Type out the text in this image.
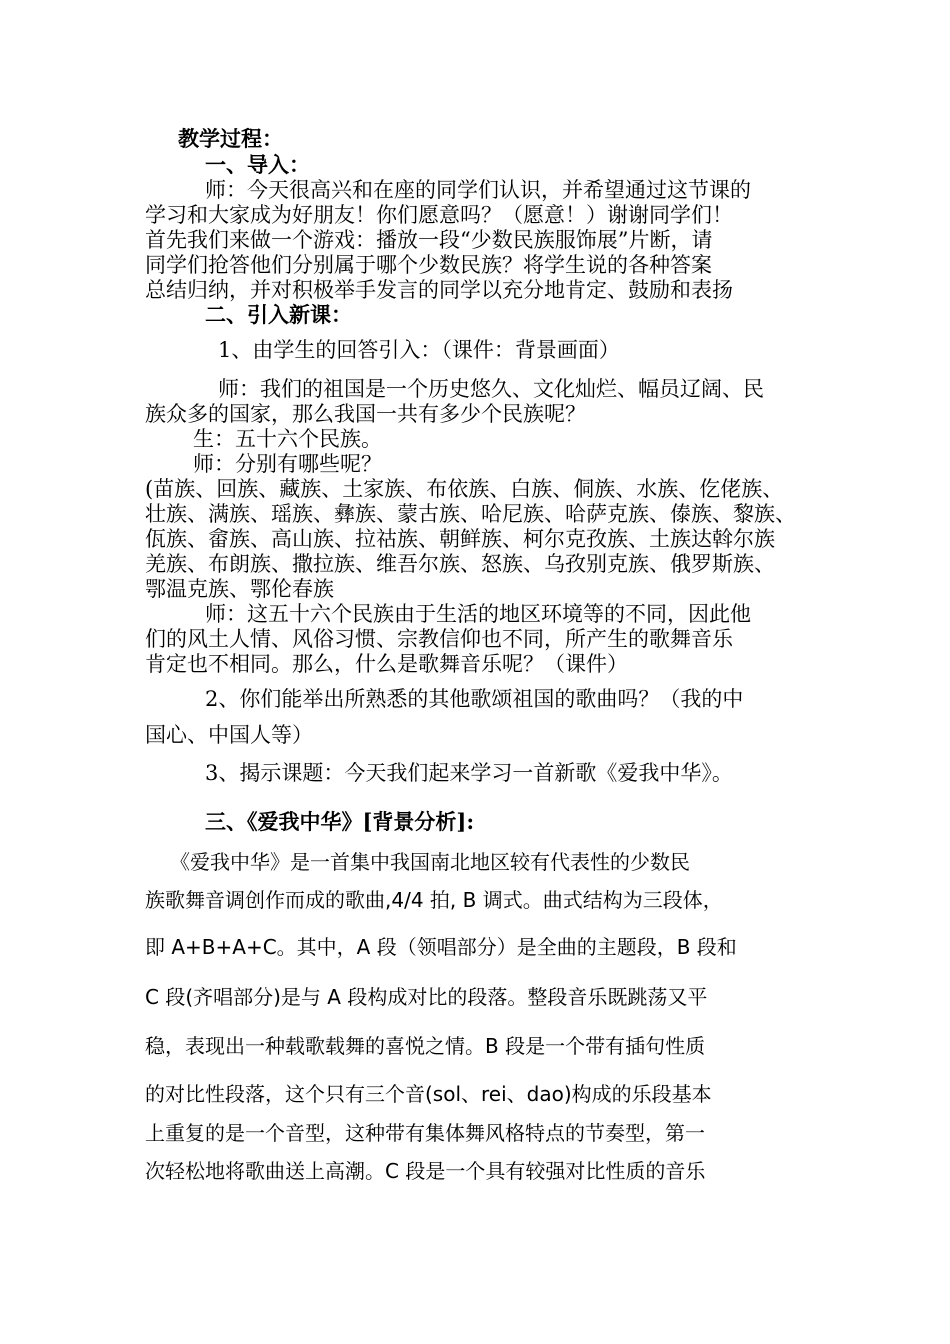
教学过程：

一、导入：

师：今天很高兴和在座的同学们认识，并希望通过这节课的

学习和大家成为好朋友！你们愿意吗？（愿意！）谢谢同学们！

首先我们来做一个游戏：播放一段“少数民族服饰展”片断，请

同学们抢答他们分别属于哪个少数民族？将学生说的各种答案

总结归纳，并对积极举手发言的同学以充分地肯定、鼓励和表扬

二、引入新课：

1、由学生的回答引入：（课件：背景画面）

师：我们的祖国是一个历史悠久、文化灿烂、幅员辽阔、民

族众多的国家，那么我国一共有多少个民族呢？

生：五十六个民族。

师：分别有哪些呢？

(苗族、回族、藏族、土家族、布依族、白族、侗族、水族、仡佬族、

壮族、满族、瑶族、彝族、蒙古族、哈尼族、哈萨克族、傣族、黎族、

佤族、畲族、高山族、拉祜族、朝鲜族、柯尔克孜族、土族达斡尔族

羌族、布朗族、撒拉族、维吾尔族、怒族、乌孜别克族、俄罗斯族、

鄂温克族、鄂伦春族

师：这五十六个民族由于生活的地区环境等的不同，因此他

们的风土人情、风俗习惯、宗教信仰也不同，所产生的歌舞音乐

肯定也不相同。那么，什么是歌舞音乐呢？（课件）

2、你们能举出所熟悉的其他歌颂祖国的歌曲吗？（我的中

国心、中国人等）

3、揭示课题：今天我们起来学习一首新歌《爱我中华》。

三、《爱我中华》[背景分析]:

《爱我中华》是一首集中我国南北地区较有代表性的少数民

族歌舞音调创作而成的歌曲,4/4 拍, B 调式。曲式结构为三段体，

即 A+B+A+C。其中，A 段（领唱部分）是全曲的主题段，B 段和

C 段(齐唱部分)是与 A 段构成对比的段落。整段音乐既跳荡又平

稳，表现出一种载歌载舞的喜悦之情。B 段是一个带有插句性质

的对比性段落，这个只有三个音(sol、rei、dao)构成的乐段基本

上重复的是一个音型，这种带有集体舞风格特点的节奏型，第一

次轻松地将歌曲送上高潮。C 段是一个具有较强对比性质的音乐
